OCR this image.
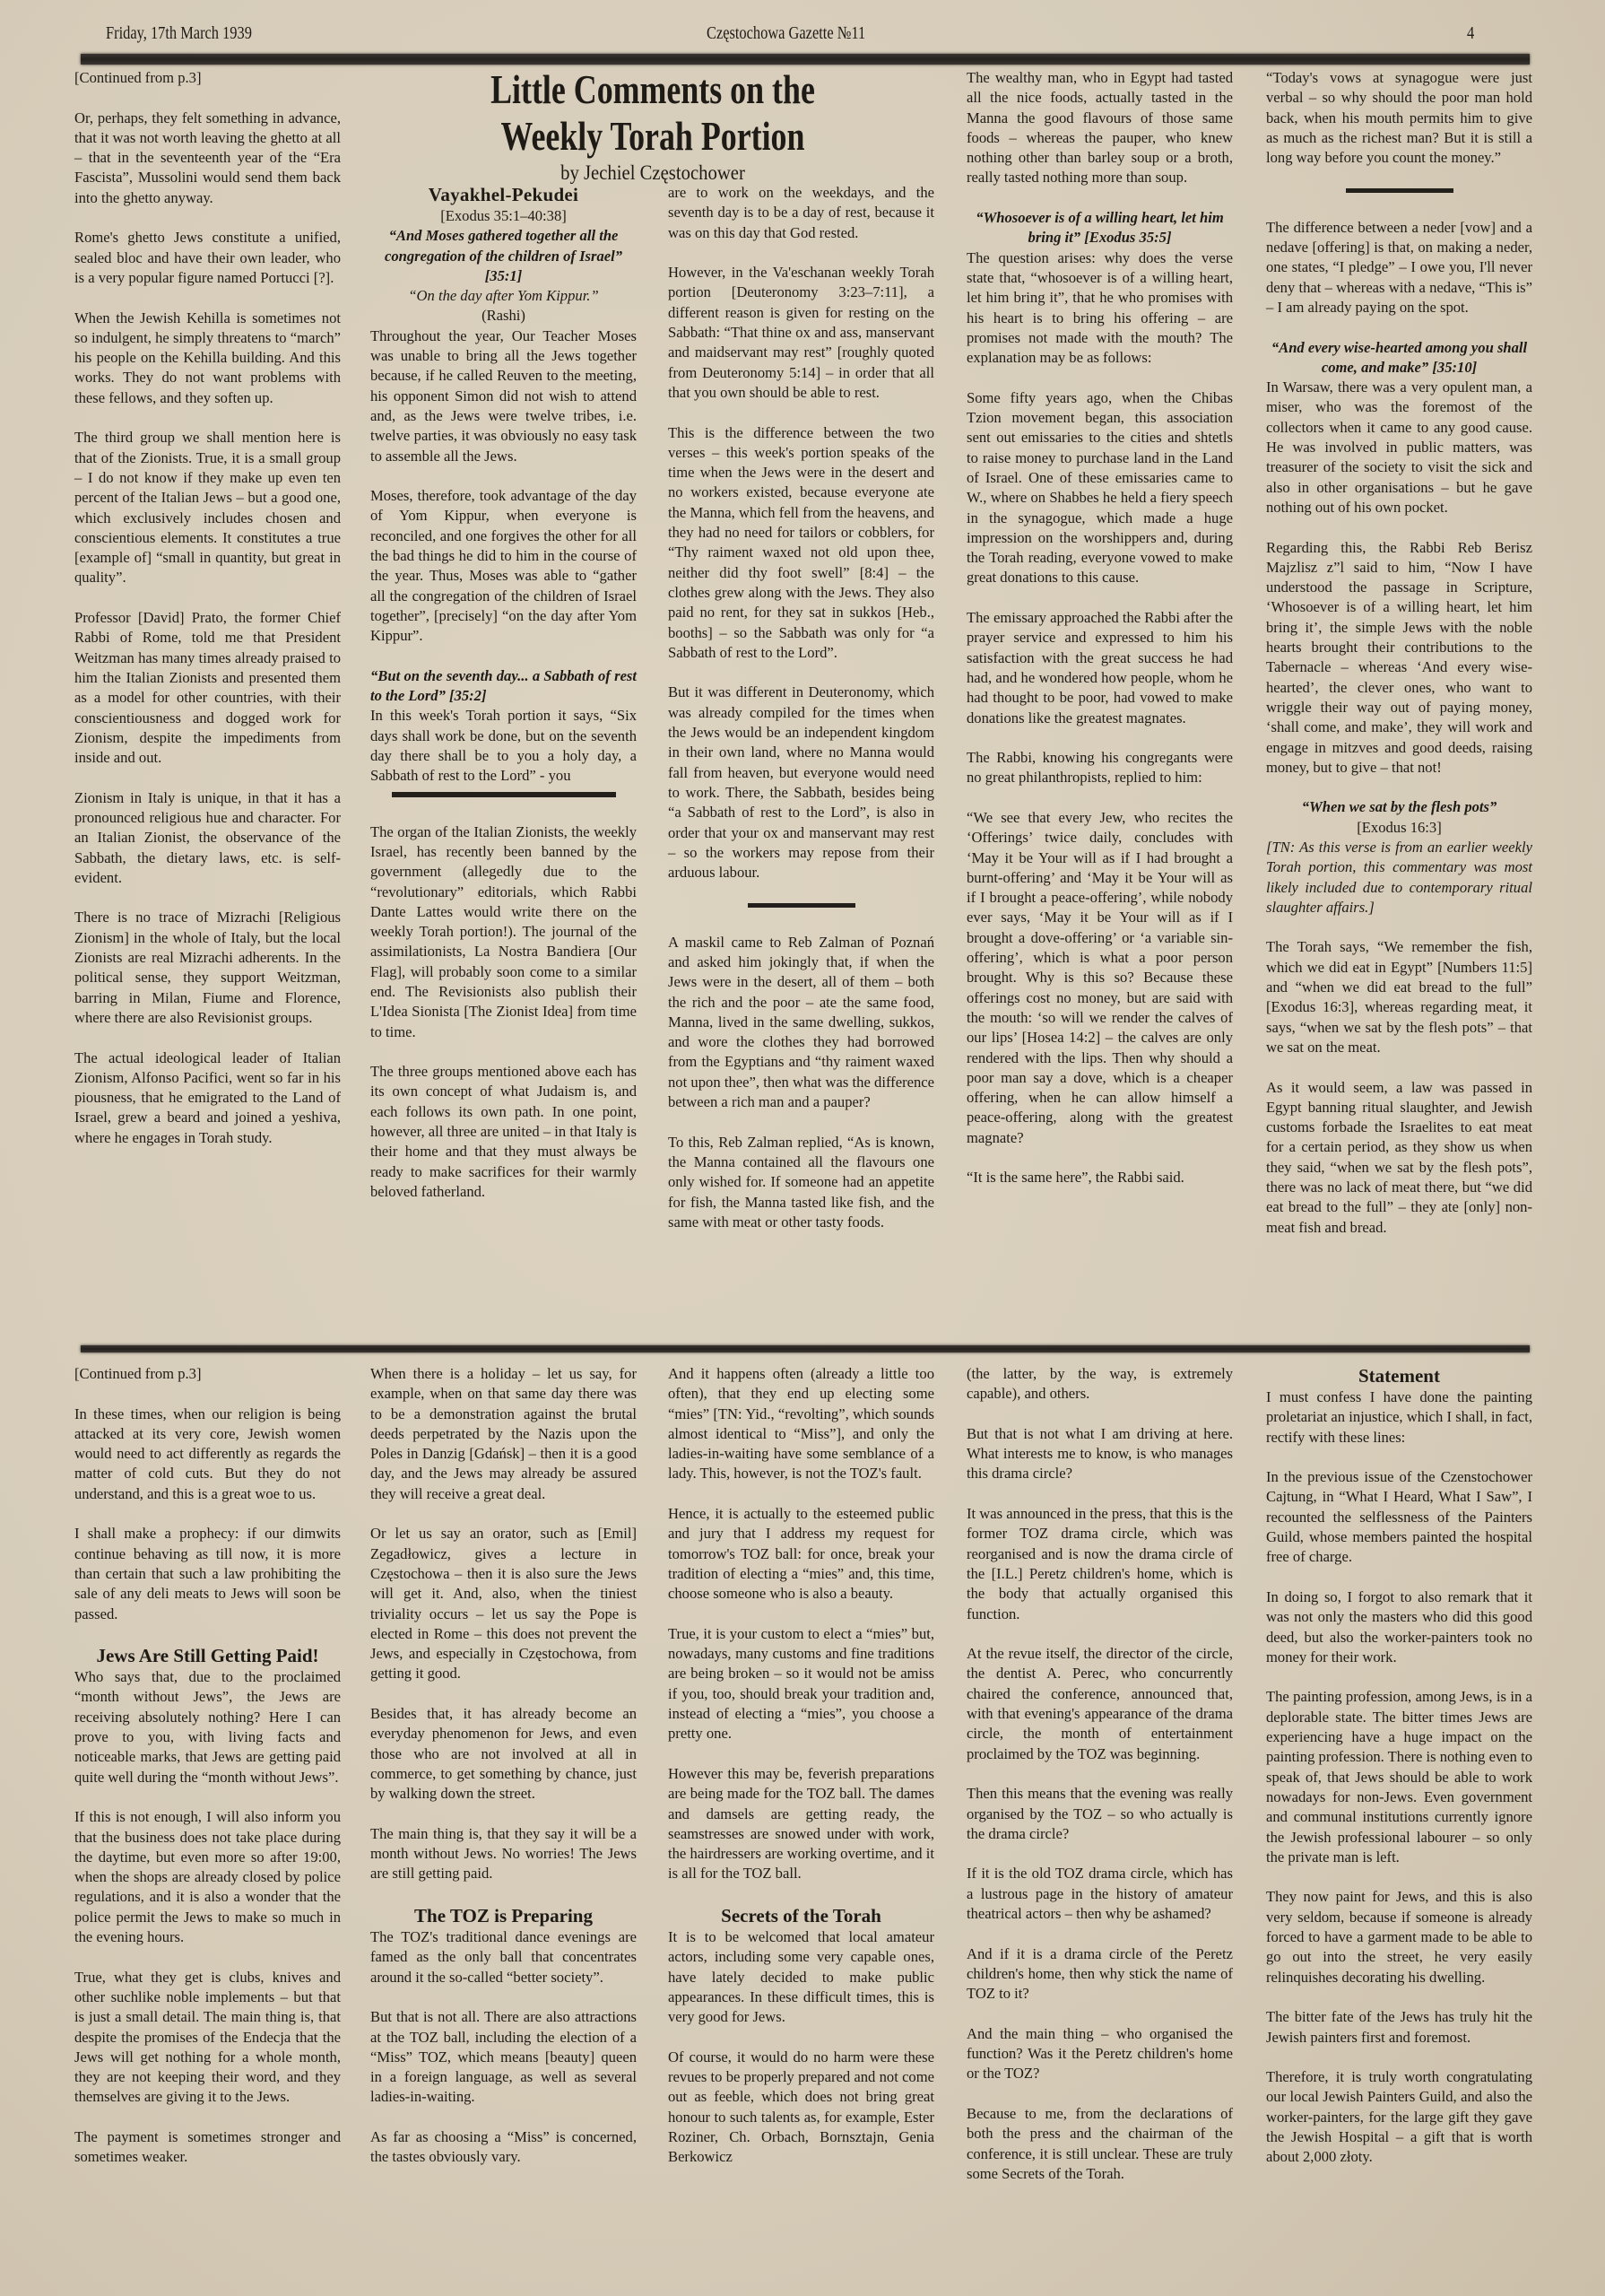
Friday, 17th March 1939	Częstochowa Gazette №11	4
Little Comments on the
Weekly Torah Portion
by Jechiel Częstochower

[Continued from p.3]

Or, perhaps, they felt something in advance, that it was not worth leaving the ghetto at all – that in the seventeenth year of the “Era Fascista”, Mussolini would send them back into the ghetto anyway.

Rome's ghetto Jews constitute a unified, sealed bloc and have their own leader, who is a very popular figure named Portucci [?].

When the Jewish Kehilla is sometimes not so indulgent, he simply threatens to “march” his people on the Kehilla building. And this works. They do not want problems with these fellows, and they soften up.

The third group we shall mention here is that of the Zionists. True, it is a small group – I do not know if they make up even ten percent of the Italian Jews – but a good one, which exclusively includes chosen and conscientious elements. It constitutes a true [example of] “small in quantity, but great in quality”.

Professor [David] Prato, the former Chief Rabbi of Rome, told me that President Weitzman has many times already praised to him the Italian Zionists and presented them as a model for other countries, with their conscientiousness and dogged work for Zionism, despite the impediments from inside and out.

Zionism in Italy is unique, in that it has a pronounced religious hue and character. For an Italian Zionist, the observance of the Sabbath, the dietary laws, etc. is self-evident.

There is no trace of Mizrachi [Religious Zionism] in the whole of Italy, but the local Zionists are real Mizrachi adherents. In the political sense, they support Weitzman, barring in Milan, Fiume and Florence, where there are also Revisionist groups.

The actual ideological leader of Italian Zionism, Alfonso Pacifici, went so far in his piousness, that he emigrated to the Land of Israel, grew a beard and joined a yeshiva, where he engages in Torah study.

Vayakhel-Pekudei

[Exodus 35:1–40:38]

“And Moses gathered together all the congregation of the children of Israel” [35:1]

“On the day after Yom Kippur.”

(Rashi)

Throughout the year, Our Teacher Moses was unable to bring all the Jews together because, if he called Reuven to the meeting, his opponent Simon did not wish to attend and, as the Jews were twelve tribes, i.e. twelve parties, it was obviously no easy task to assemble all the Jews.

Moses, therefore, took advantage of the day of Yom Kippur, when everyone is reconciled, and one forgives the other for all the bad things he did to him in the course of the year. Thus, Moses was able to “gather all the congregation of the children of Israel together”, [precisely] “on the day after Yom Kippur”.

“But on the seventh day... a Sabbath of rest to the Lord” [35:2]

In this week's Torah portion it says, “Six days shall work be done, but on the seventh day there shall be to you a holy day, a Sabbath of rest to the Lord” - you

The organ of the Italian Zionists, the weekly Israel, has recently been banned by the government (allegedly due to the “revolutionary” editorials, which Rabbi Dante Lattes would write there on the weekly Torah portion!). The journal of the assimilationists, La Nostra Bandiera [Our Flag], will probably soon come to a similar end. The Revisionists also publish their L'Idea Sionista [The Zionist Idea] from time to time.

The three groups mentioned above each has its own concept of what Judaism is, and each follows its own path. In one point, however, all three are united – in that Italy is their home and that they must always be ready to make sacrifices for their warmly beloved fatherland.

are to work on the weekdays, and the seventh day is to be a day of rest, because it was on this day that God rested.

However, in the Va'eschanan weekly Torah portion [Deuteronomy 3:23–7:11], a different reason is given for resting on the Sabbath: “That thine ox and ass, manservant and maidservant may rest” [roughly quoted from Deuteronomy 5:14] – in order that all that you own should be able to rest.

This is the difference between the two verses – this week's portion speaks of the time when the Jews were in the desert and no workers existed, because everyone ate the Manna, which fell from the heavens, and they had no need for tailors or cobblers, for “Thy raiment waxed not old upon thee, neither did thy foot swell” [8:4] – the clothes grew along with the Jews. They also paid no rent, for they sat in sukkos [Heb., booths] – so the Sabbath was only for “a Sabbath of rest to the Lord”.

But it was different in Deuteronomy, which was already compiled for the times when the Jews would be an independent kingdom in their own land, where no Manna would fall from heaven, but everyone would need to work. There, the Sabbath, besides being “a Sabbath of rest to the Lord”, is also in order that your ox and manservant may rest – so the workers may repose from their arduous labour.

A maskil came to Reb Zalman of Poznań and asked him jokingly that, if when the Jews were in the desert, all of them – both the rich and the poor – ate the same food, Manna, lived in the same dwelling, sukkos, and wore the clothes they had borrowed from the Egyptians and “thy raiment waxed not upon thee”, then what was the difference between a rich man and a pauper?

To this, Reb Zalman replied, “As is known, the Manna contained all the flavours one only wished for. If someone had an appetite for fish, the Manna tasted like fish, and the same with meat or other tasty foods.

The wealthy man, who in Egypt had tasted all the nice foods, actually tasted in the Manna the good flavours of those same foods – whereas the pauper, who knew nothing other than barley soup or a broth, really tasted nothing more than soup.

“Whosoever is of a willing heart, let him bring it” [Exodus 35:5]

The question arises: why does the verse state that, “whosoever is of a willing heart, let him bring it”, that he who promises with his heart is to bring his offering – are promises not made with the mouth? The explanation may be as follows:

Some fifty years ago, when the Chibas Tzion movement began, this association sent out emissaries to the cities and shtetls to raise money to purchase land in the Land of Israel. One of these emissaries came to W., where on Shabbes he held a fiery speech in the synagogue, which made a huge impression on the worshippers and, during the Torah reading, everyone vowed to make great donations to this cause.

The emissary approached the Rabbi after the prayer service and expressed to him his satisfaction with the great success he had had, and he wondered how people, whom he had thought to be poor, had vowed to make donations like the greatest magnates.

The Rabbi, knowing his congregants were no great philanthropists, replied to him:

“We see that every Jew, who recites the ‘Offerings’ twice daily, concludes with ‘May it be Your will as if I had brought a burnt-offering’ and ‘May it be Your will as if I brought a peace-offering’, while nobody ever says, ‘May it be Your will as if I brought a dove-offering’ or ‘a variable sin-offering’, which is what a poor person brought. Why is this so? Because these offerings cost no money, but are said with the mouth: ‘so will we render the calves of our lips’ [Hosea 14:2] – the calves are only rendered with the lips. Then why should a poor man say a dove, which is a cheaper offering, when he can allow himself a peace-offering, along with the greatest magnate?

“It is the same here”, the Rabbi said.

“Today's vows at synagogue were just verbal – so why should the poor man hold back, when his mouth permits him to give as much as the richest man? But it is still a long way before you count the money.”

The difference between a neder [vow] and a nedave [offering] is that, on making a neder, one states, “I pledge” – I owe you, I'll never deny that – whereas with a nedave, “This is” – I am already paying on the spot.

“And every wise-hearted among you shall come, and make” [35:10]

In Warsaw, there was a very opulent man, a miser, who was the foremost of the collectors when it came to any good cause. He was involved in public matters, was treasurer of the society to visit the sick and also in other organisations – but he gave nothing out of his own pocket.

Regarding this, the Rabbi Reb Berisz Majzlisz z”l said to him, “Now I have understood the passage in Scripture, ‘Whosoever is of a willing heart, let him bring it’, the simple Jews with the noble hearts brought their contributions to the Tabernacle – whereas ‘And every wise-hearted’, the clever ones, who want to wriggle their way out of paying money, ‘shall come, and make’, they will work and engage in mitzves and good deeds, raising money, but to give – that not!

“When we sat by the flesh pots”

[Exodus 16:3]

[TN: As this verse is from an earlier weekly Torah portion, this commentary was most likely included due to contemporary ritual slaughter affairs.]

The Torah says, “We remember the fish, which we did eat in Egypt” [Numbers 11:5] and “when we did eat bread to the full” [Exodus 16:3], whereas regarding meat, it says, “when we sat by the flesh pots” – that we sat on the meat.

As it would seem, a law was passed in Egypt banning ritual slaughter, and Jewish customs forbade the Israelites to eat meat for a certain period, as they show us when they said, “when we sat by the flesh pots”, there was no lack of meat there, but “we did eat bread to the full” – they ate [only] non-meat fish and bread.

[Continued from p.3]

In these times, when our religion is being attacked at its very core, Jewish women would need to act differently as regards the matter of cold cuts. But they do not understand, and this is a great woe to us.

I shall make a prophecy: if our dimwits continue behaving as till now, it is more than certain that such a law prohibiting the sale of any deli meats to Jews will soon be passed.

Jews Are Still Getting Paid!

Who says that, due to the proclaimed “month without Jews”, the Jews are receiving absolutely nothing? Here I can prove to you, with living facts and noticeable marks, that Jews are getting paid quite well during the “month without Jews”.

If this is not enough, I will also inform you that the business does not take place during the daytime, but even more so after 19:00, when the shops are already closed by police regulations, and it is also a wonder that the police permit the Jews to make so much in the evening hours.

True, what they get is clubs, knives and other suchlike noble implements – but that is just a small detail. The main thing is, that despite the promises of the Endecja that the Jews will get nothing for a whole month, they are not keeping their word, and they themselves are giving it to the Jews.

The payment is sometimes stronger and sometimes weaker.

When there is a holiday – let us say, for example, when on that same day there was to be a demonstration against the brutal deeds perpetrated by the Nazis upon the Poles in Danzig [Gdańsk] – then it is a good day, and the Jews may already be assured they will receive a great deal.

Or let us say an orator, such as [Emil] Zegadłowicz, gives a lecture in Częstochowa – then it is also sure the Jews will get it. And, also, when the tiniest triviality occurs – let us say the Pope is elected in Rome – this does not prevent the Jews, and especially in Częstochowa, from getting it good.

Besides that, it has already become an everyday phenomenon for Jews, and even those who are not involved at all in commerce, to get something by chance, just by walking down the street.

The main thing is, that they say it will be a month without Jews. No worries! The Jews are still getting paid.

The TOZ is Preparing

The TOZ's traditional dance evenings are famed as the only ball that concentrates around it the so-called “better society”.

But that is not all. There are also attractions at the TOZ ball, including the election of a “Miss” TOZ, which means [beauty] queen in a foreign language, as well as several ladies-in-waiting.

As far as choosing a “Miss” is concerned, the tastes obviously vary.

And it happens often (already a little too often), that they end up electing some “mies” [TN: Yid., “revolting”, which sounds almost identical to “Miss”], and only the ladies-in-waiting have some semblance of a lady. This, however, is not the TOZ's fault.

Hence, it is actually to the esteemed public and jury that I address my request for tomorrow's TOZ ball: for once, break your tradition of electing a “mies” and, this time, choose someone who is also a beauty.

True, it is your custom to elect a “mies” but, nowadays, many customs and fine traditions are being broken – so it would not be amiss if you, too, should break your tradition and, instead of electing a “mies”, you choose a pretty one.

However this may be, feverish preparations are being made for the TOZ ball. The dames and damsels are getting ready, the seamstresses are snowed under with work, the hairdressers are working overtime, and it is all for the TOZ ball.

Secrets of the Torah

It is to be welcomed that local amateur actors, including some very capable ones, have lately decided to make public appearances. In these difficult times, this is very good for Jews.

Of course, it would do no harm were these revues to be properly prepared and not come out as feeble, which does not bring great honour to such talents as, for example, Ester Roziner, Ch. Orbach, Bornsztajn, Genia Berkowicz

(the latter, by the way, is extremely capable), and others.

But that is not what I am driving at here. What interests me to know, is who manages this drama circle?

It was announced in the press, that this is the former TOZ drama circle, which was reorganised and is now the drama circle of the [I.L.] Peretz children's home, which is the body that actually organised this function.

At the revue itself, the director of the circle, the dentist A. Perec, who concurrently chaired the conference, announced that, with that evening's appearance of the drama circle, the month of entertainment proclaimed by the TOZ was beginning.

Then this means that the evening was really organised by the TOZ – so who actually is the drama circle?

If it is the old TOZ drama circle, which has a lustrous page in the history of amateur theatrical actors – then why be ashamed?

And if it is a drama circle of the Peretz children's home, then why stick the name of TOZ to it?

And the main thing – who organised the function? Was it the Peretz children's home or the TOZ?

Because to me, from the declarations of both the press and the chairman of the conference, it is still unclear. These are truly some Secrets of the Torah.

Statement

I must confess I have done the painting proletariat an injustice, which I shall, in fact, rectify with these lines:

In the previous issue of the Czenstochower Cajtung, in “What I Heard, What I Saw”, I recounted the selflessness of the Painters Guild, whose members painted the hospital free of charge.

In doing so, I forgot to also remark that it was not only the masters who did this good deed, but also the worker-painters took no money for their work.

The painting profession, among Jews, is in a deplorable state. The bitter times Jews are experiencing have a huge impact on the painting profession. There is nothing even to speak of, that Jews should be able to work nowadays for non-Jews. Even government and communal institutions currently ignore the Jewish professional labourer – so only the private man is left.

They now paint for Jews, and this is also very seldom, because if someone is already forced to have a garment made to be able to go out into the street, he very easily relinquishes decorating his dwelling.

The bitter fate of the Jews has truly hit the Jewish painters first and foremost.

Therefore, it is truly worth congratulating our local Jewish Painters Guild, and also the worker-painters, for the large gift they gave the Jewish Hospital – a gift that is worth about 2,000 złoty.
